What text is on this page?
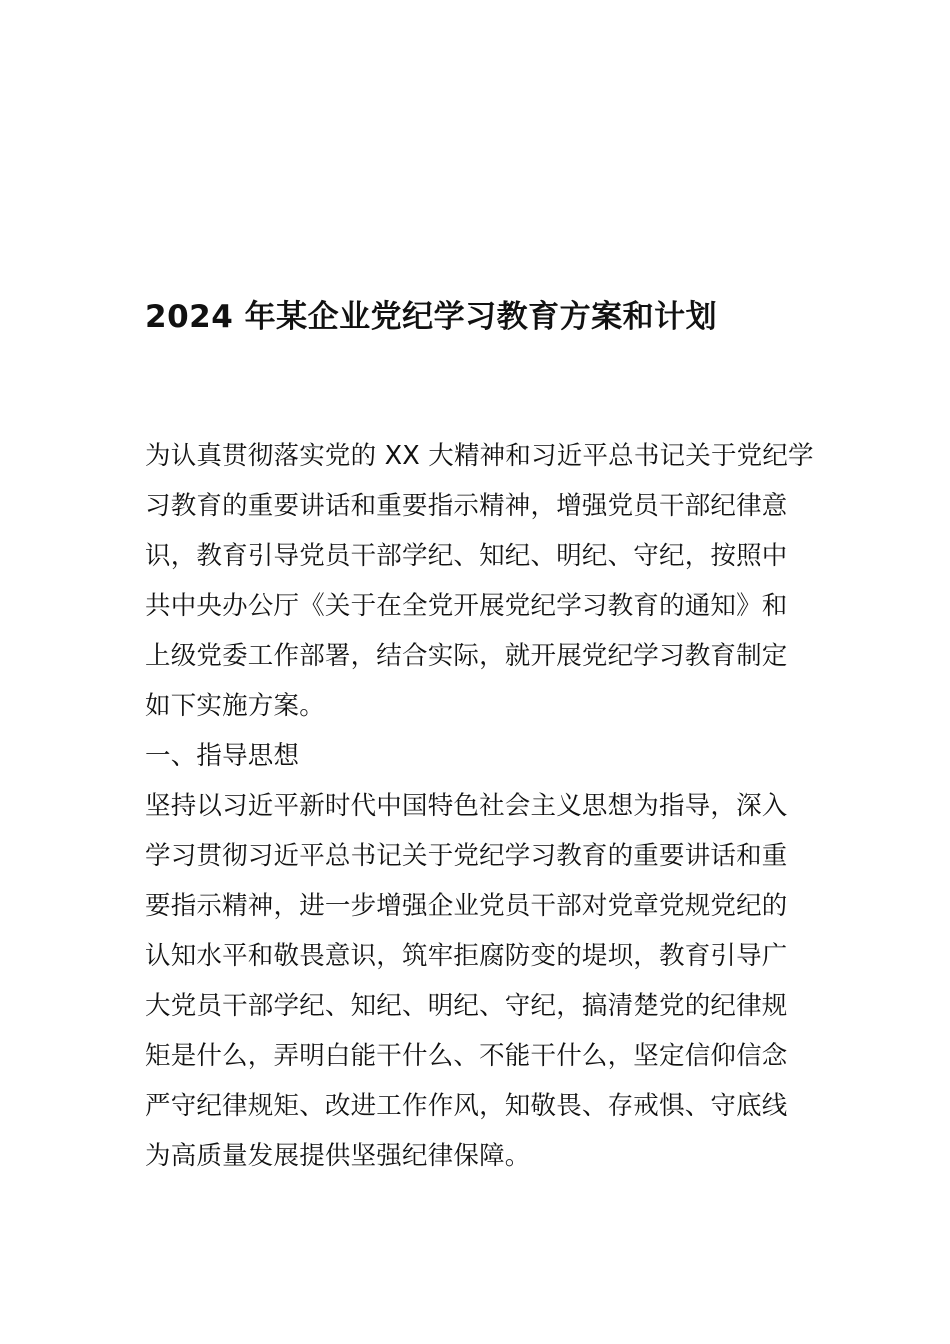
2024 年某企业党纪学习教育方案和计划
为认真贯彻落实党的 XX 大精神和习近平总书记关于党纪学
习教育的重要讲话和重要指示精神，增强党员干部纪律意
识，教育引导党员干部学纪、知纪、明纪、守纪，按照中
共中央办公厅《关于在全党开展党纪学习教育的通知》和
上级党委工作部署，结合实际，就开展党纪学习教育制定
如下实施方案。
一、指导思想
坚持以习近平新时代中国特色社会主义思想为指导，深入
学习贯彻习近平总书记关于党纪学习教育的重要讲话和重
要指示精神，进一步增强企业党员干部对党章党规党纪的
认知水平和敬畏意识，筑牢拒腐防变的堤坝，教育引导广
大党员干部学纪、知纪、明纪、守纪，搞清楚党的纪律规
矩是什么，弄明白能干什么、不能干什么，坚定信仰信念
严守纪律规矩、改进工作作风，知敬畏、存戒惧、守底线
为高质量发展提供坚强纪律保障。
